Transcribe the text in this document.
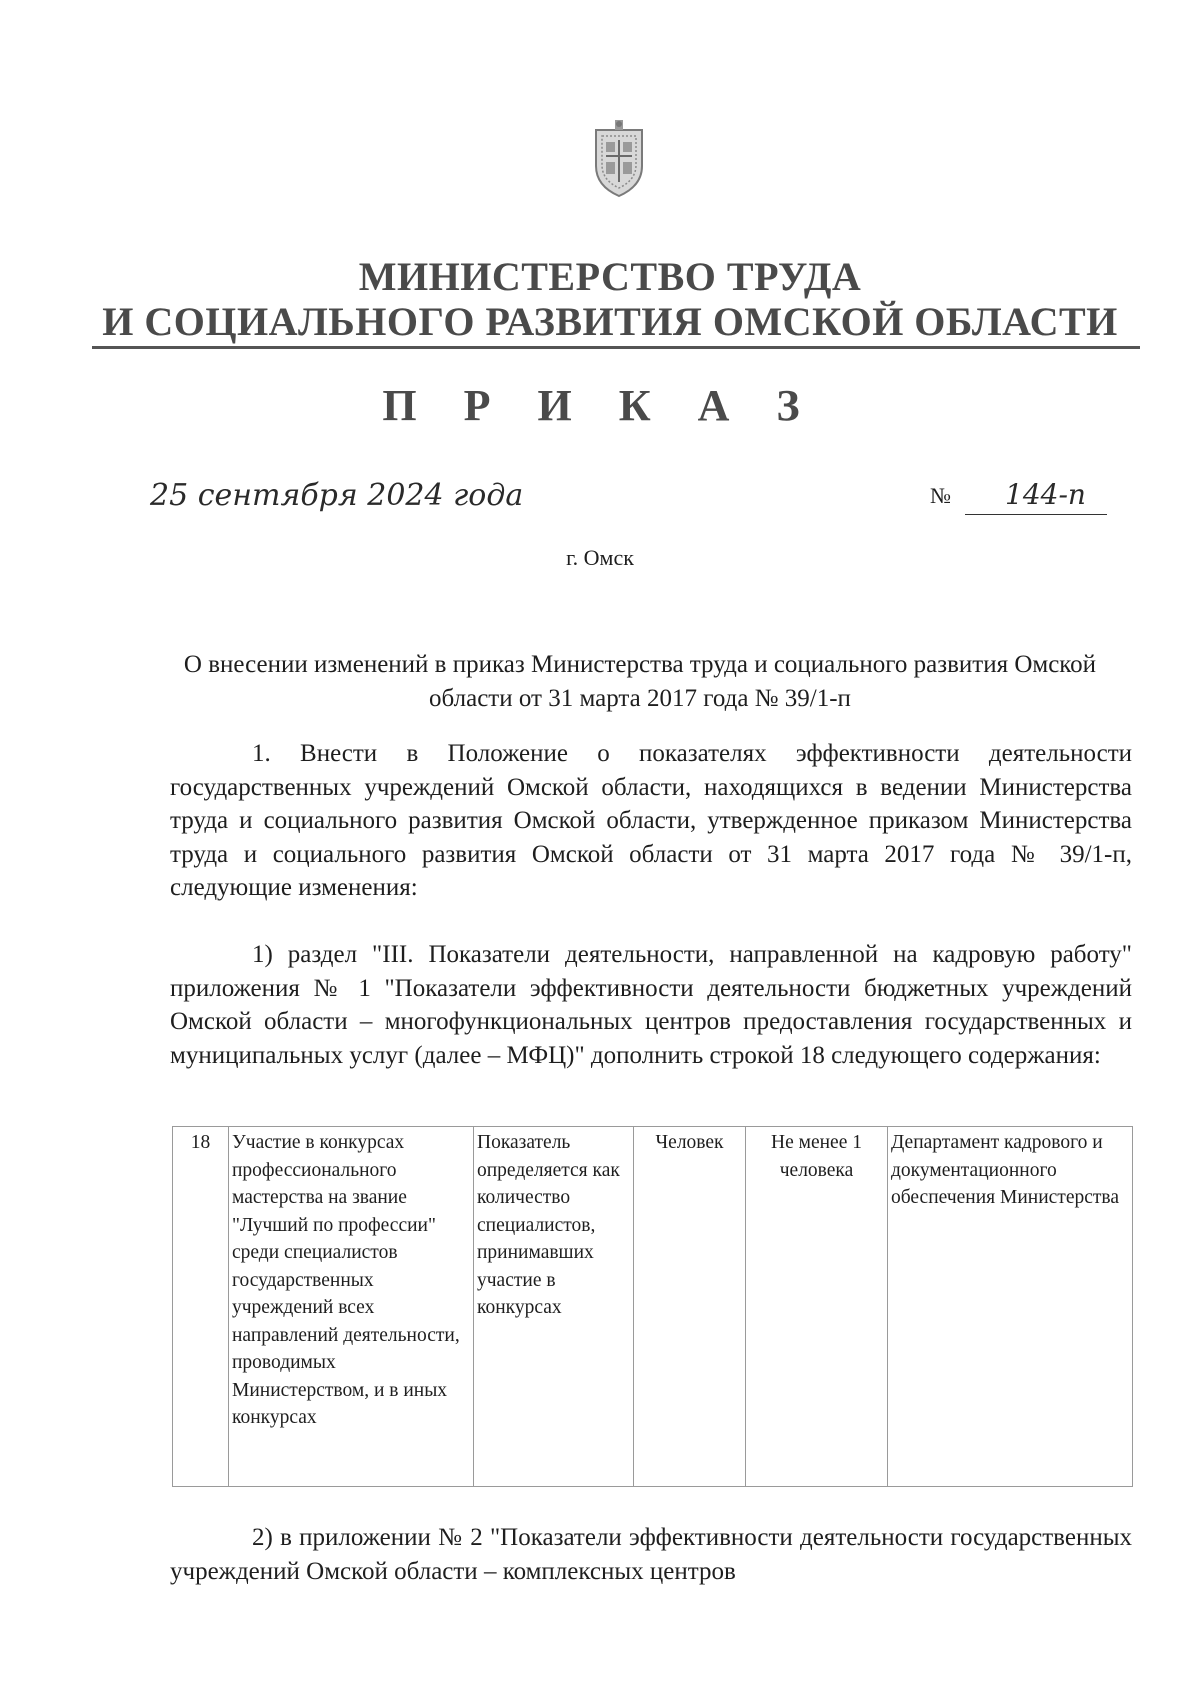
МИНИСТЕРСТВО ТРУДА
И СОЦИАЛЬНОГО РАЗВИТИЯ ОМСКОЙ ОБЛАСТИ
П Р И К А З
25 сентября 2024 года	№ 144-п
г. Омск
О внесении изменений в приказ Министерства труда и социального развития Омской области от 31 марта 2017 года № 39/1-п

1. Внести в Положение о показателях эффективности деятельности государственных учреждений Омской области, находящихся в ведении Министерства труда и социального развития Омской области, утвержденное приказом Министерства труда и социального развития Омской области от 31 марта 2017 года № 39/1-п, следующие изменения:

1) раздел "III. Показатели деятельности, направленной на кадровую работу" приложения № 1 "Показатели эффективности деятельности бюджетных учреждений Омской области – многофункциональных центров предоставления государственных и муниципальных услуг (далее – МФЦ)" дополнить строкой 18 следующего содержания:

18	Участие в конкурсах профессионального мастерства на звание "Лучший по профессии" среди специалистов государственных учреждений всех направлений деятельности, проводимых Министерством, и в иных конкурсах	Показатель определяется как количество специалистов, принимавших участие в конкурсах	Человек	Не менее 1 человека	Департамент кадрового и документационного обеспечения Министерства

2) в приложении № 2 "Показатели эффективности деятельности государственных учреждений Омской области – комплексных центров
